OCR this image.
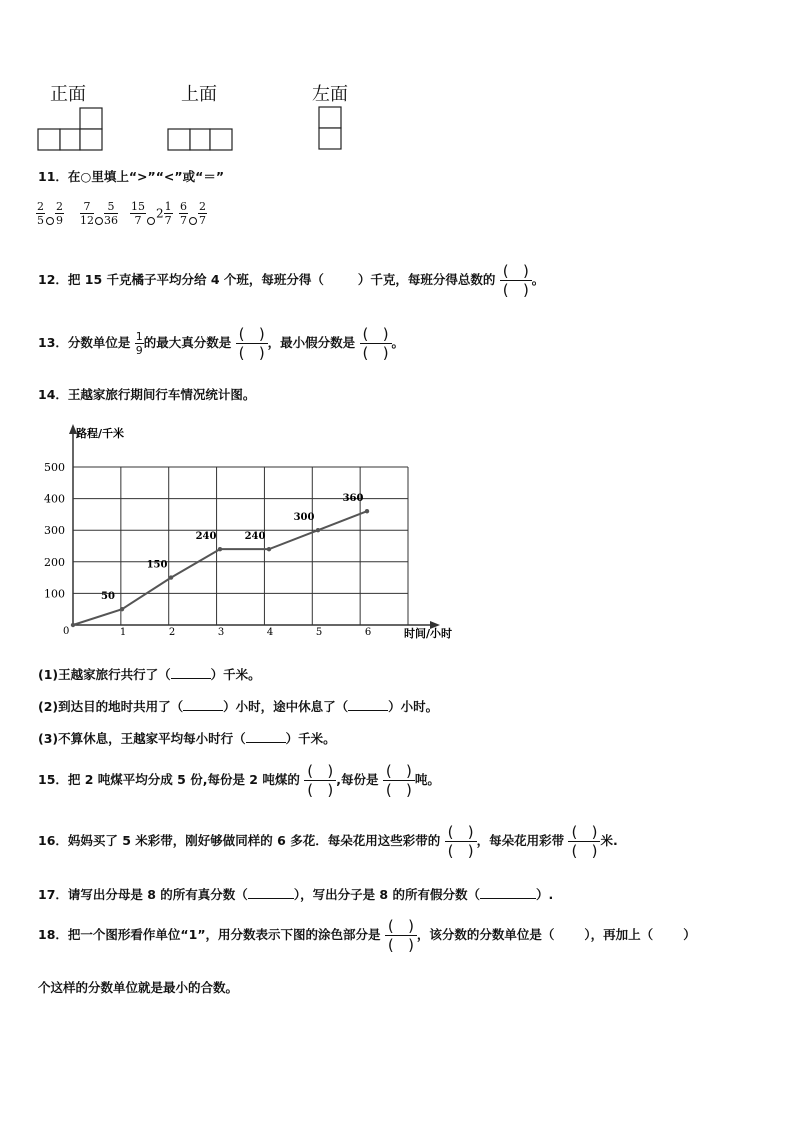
正面	上面	左面
11．在○里填上“>”“<”或“＝”
$\frac{2}{5} \frac{2}{9} \frac{7}{12} \frac{5}{36} \frac{15}{7} 2 \frac{1}{7} \frac{6}{7} \frac{2}{7}$
12．把 15 千克橘子平均分给 4 个班，每班分得（	）千克，每班分得总数的 ( )
( )
。
13．分数单位是 $\frac{1}{9}$ 的最大真分数是 ( )
( )
，最小假分数是 ( )
( )
。
14．王越家旅行期间行车情况统计图。
路程/千米
时间/小时
100
200
300
400
500
0	1	2	3	4	5	6
50
150
240	240
300
360
(1)王越家旅行共行了（	）千米。
(2)到达目的地时共用了（	）小时，途中休息了（	）小时。
(3)不算休息，王越家平均每小时行（	）千米。
15．把 2 吨煤平均分成 5 份,每份是 2 吨煤的 ( )
( )
,每份是 ( )
( )
吨。
16．妈妈买了 5 米彩带，刚好够做同样的 6 多花．每朵花用这些彩带的 ( )
( )
，每朵花用彩带 ( )
( )
米.
17．请写出分母是 8 的所有真分数（	），写出分子是 8 的所有假分数（	）.
18．把一个图形看作单位“1”，用分数表示下图的涂色部分是 ( )
( )
，该分数的分数单位是（ ），再加上（ ）
个这样的分数单位就是最小的合数。
